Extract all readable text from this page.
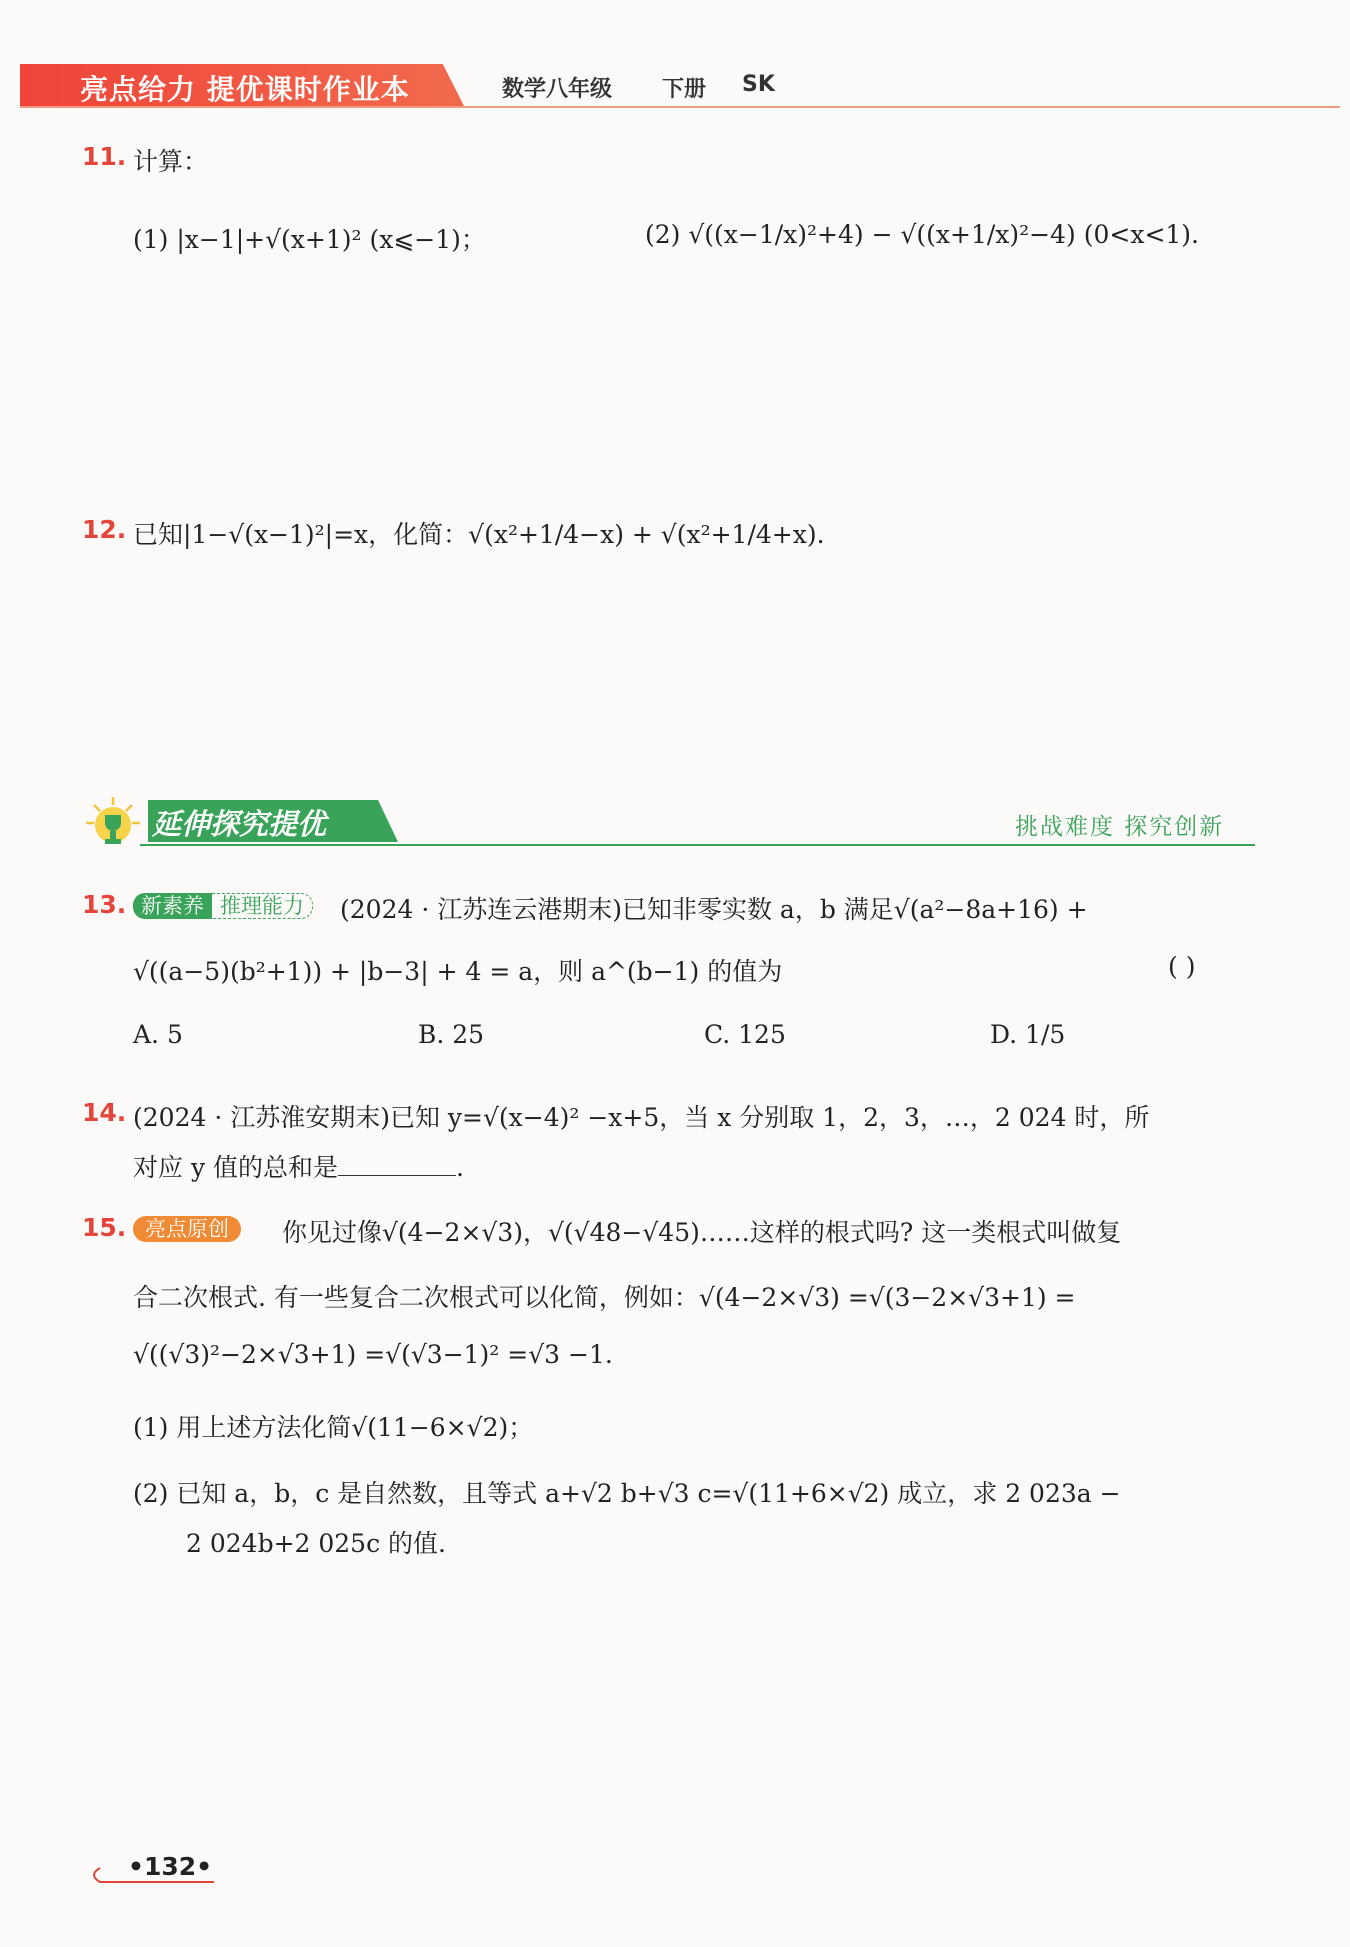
亮点给力 提优课时作业本	数学八年级 下册 SK
11. 计算：
(1) |x−1|+√(x+1)² (x⩽−1)；	(2) √((x−1/x)²+4) − √((x+1/x)²−4) (0<x<1).
12. 已知|1−√(x−1)²|=x，化简：√(x²+1/4−x) + √(x²+1/4+x).
延伸探究提优	挑战难度 探究创新
13. 新素养 推理能力	(2024 · 江苏连云港期末)已知非零实数 a，b 满足√(a²−8a+16) +
√((a−5)(b²+1)) + |b−3| + 4 = a，则 a^(b−1) 的值为	( )
A. 5	B. 25	C. 125	D. 1/5
14. (2024 · 江苏淮安期末)已知 y=√(x−4)² −x+5，当 x 分别取 1，2，3，…，2 024 时，所
对应 y 值的总和是	.
15. 亮点原创	你见过像√(4−2×√3)，√(√48−√45)……这样的根式吗? 这一类根式叫做复
合二次根式. 有一些复合二次根式可以化简，例如：√(4−2×√3) =√(3−2×√3+1) =
√((√3)²−2×√3+1) =√(√3−1)² =√3 −1.
(1) 用上述方法化简√(11−6×√2)；
(2) 已知 a，b，c 是自然数，且等式 a+√2 b+√3 c=√(11+6×√2) 成立，求 2 023a −
2 024b+2 025c 的值.
•132•
